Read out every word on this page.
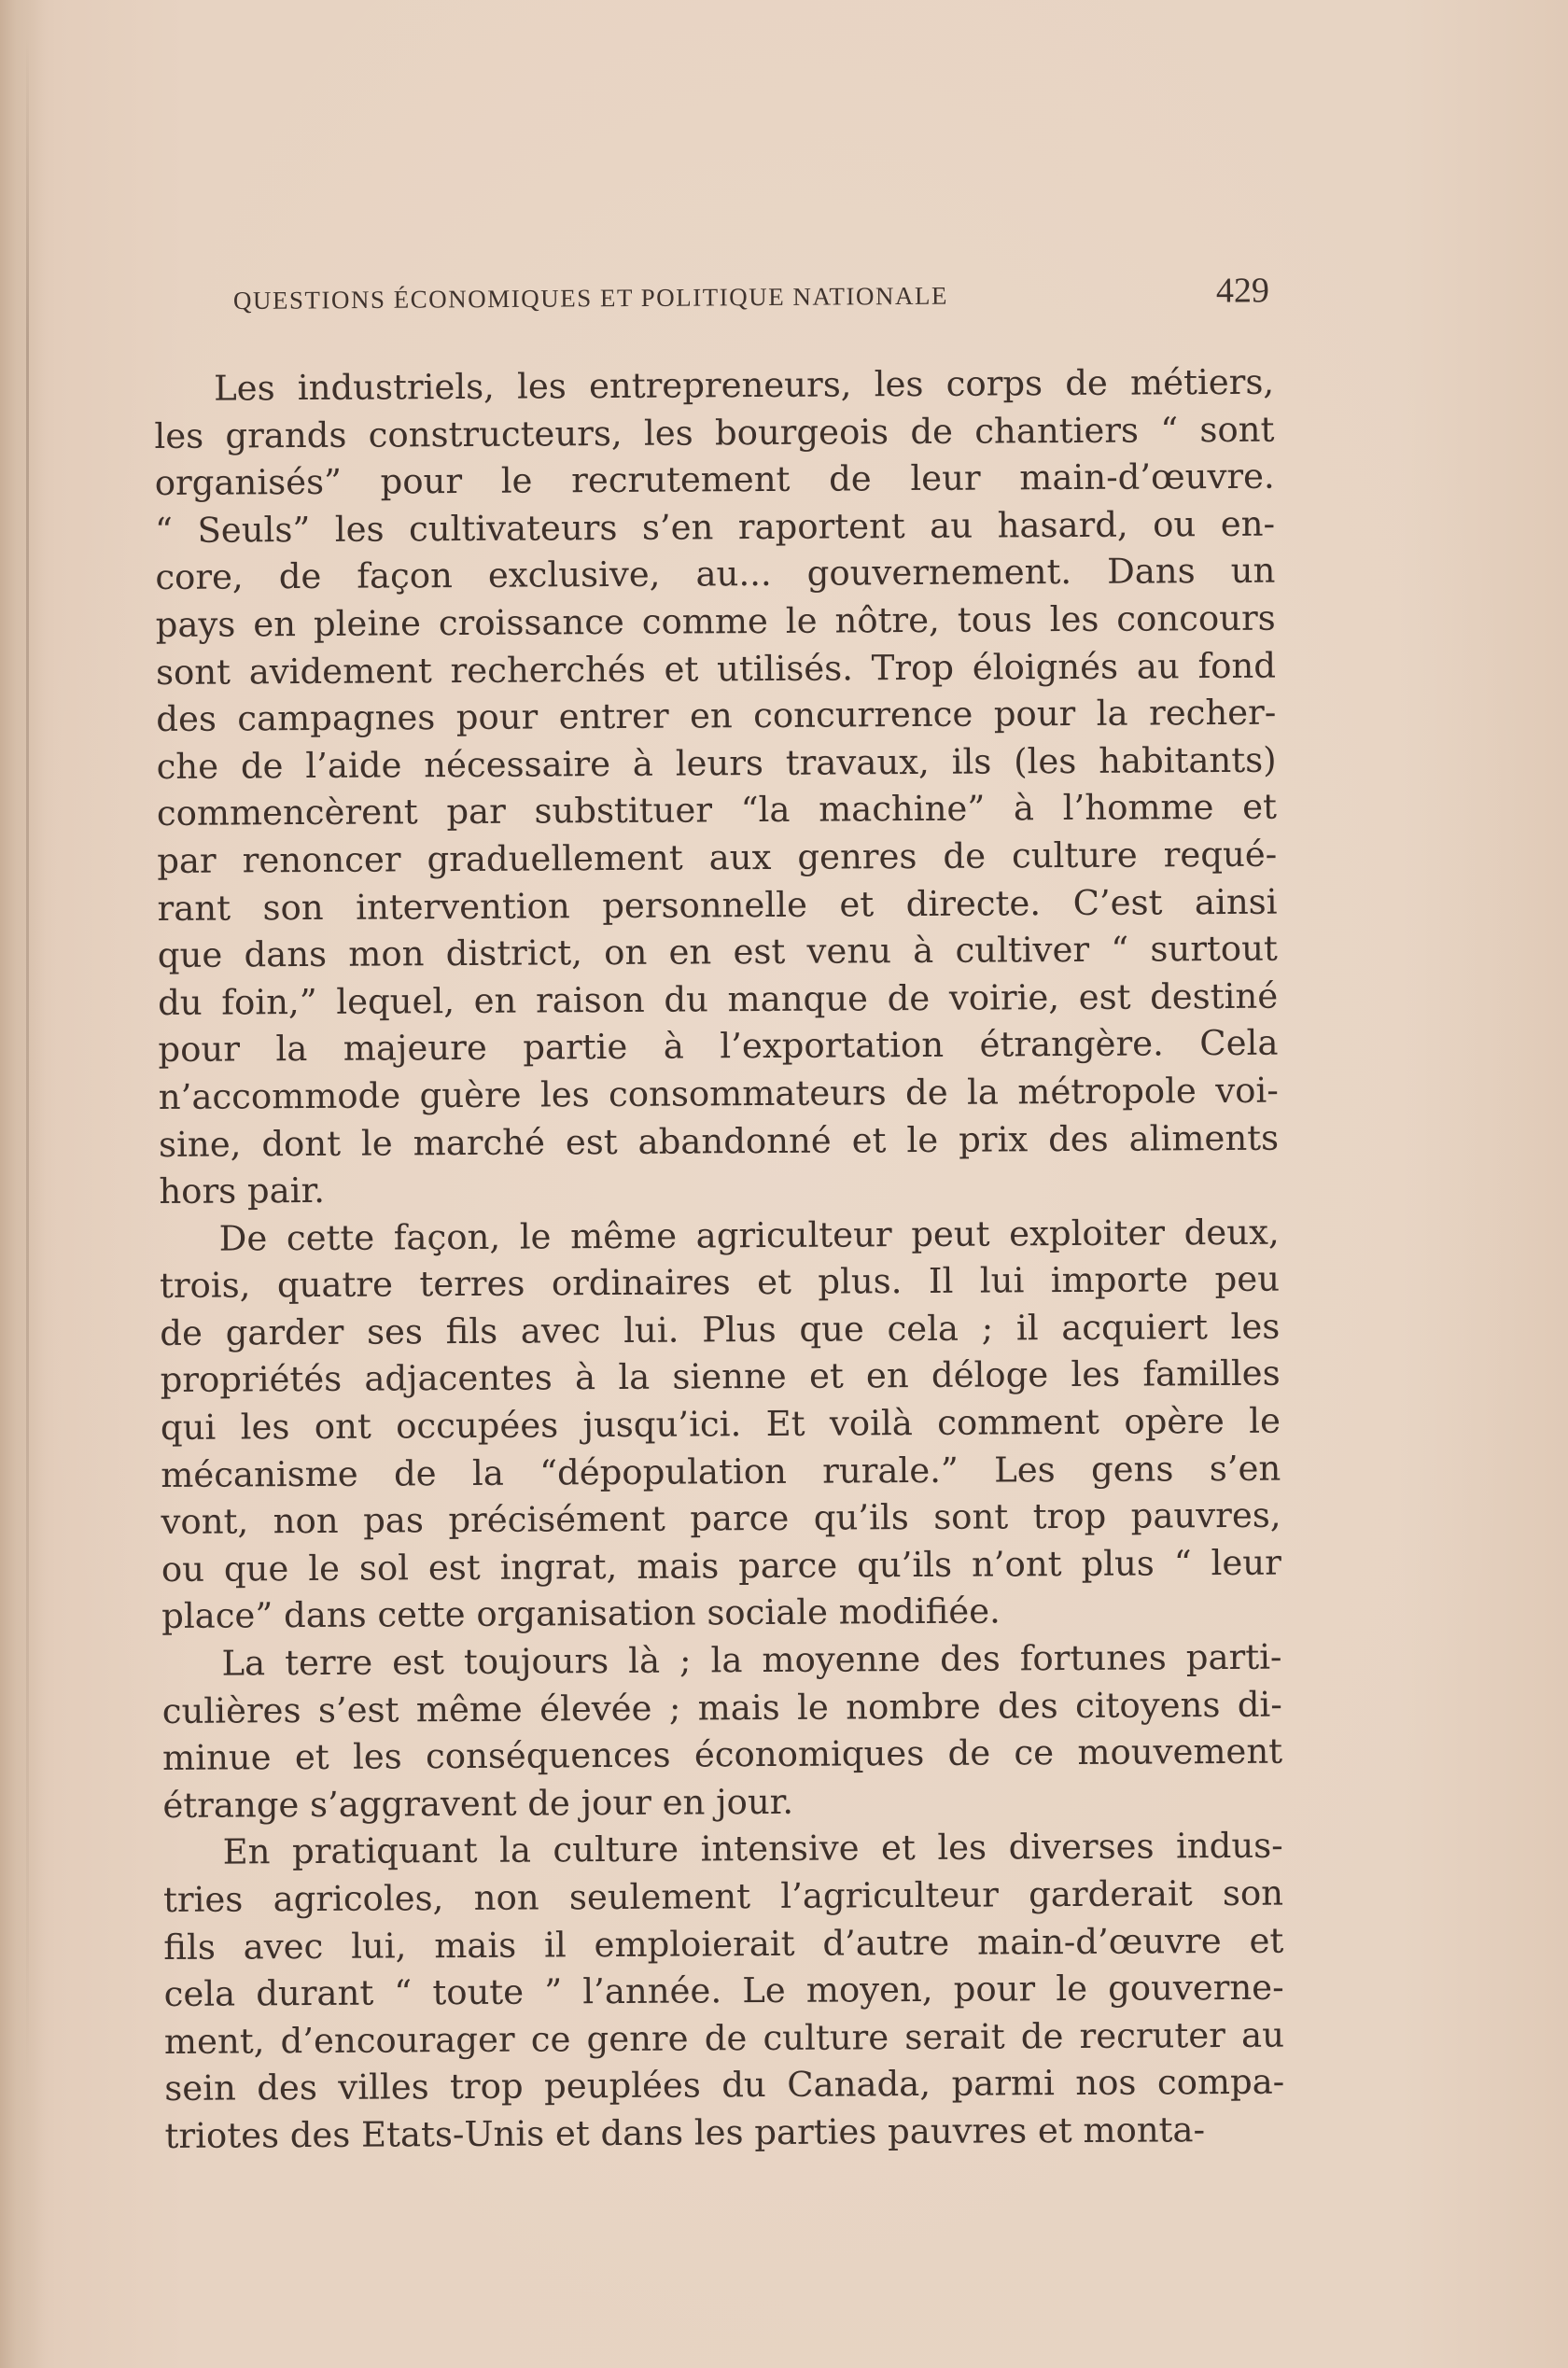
QUESTIONS ÉCONOMIQUES ET POLITIQUE NATIONALE	429
Les industriels, les entrepreneurs, les corps de métiers,
les grands constructeurs, les bourgeois de chantiers “ sont
organisés” pour le recrutement de leur main-d’œuvre.
“ Seuls” les cultivateurs s’en raportent au hasard, ou en-
core, de façon exclusive, au... gouvernement. Dans un
pays en pleine croissance comme le nôtre, tous les concours
sont avidement recherchés et utilisés. Trop éloignés au fond
des campagnes pour entrer en concurrence pour la recher-
che de l’aide nécessaire à leurs travaux, ils (les habitants)
commencèrent par substituer “la machine” à l’homme et
par renoncer graduellement aux genres de culture requé-
rant son intervention personnelle et directe. C’est ainsi
que dans mon district, on en est venu à cultiver “ surtout
du foin,” lequel, en raison du manque de voirie, est destiné
pour la majeure partie à l’exportation étrangère. Cela
n’accommode guère les consommateurs de la métropole voi-
sine, dont le marché est abandonné et le prix des aliments
hors pair.
De cette façon, le même agriculteur peut exploiter deux,
trois, quatre terres ordinaires et plus. Il lui importe peu
de garder ses fils avec lui. Plus que cela ; il acquiert les
propriétés adjacentes à la sienne et en déloge les familles
qui les ont occupées jusqu’ici. Et voilà comment opère le
mécanisme de la “dépopulation rurale.” Les gens s’en
vont, non pas précisément parce qu’ils sont trop pauvres,
ou que le sol est ingrat, mais parce qu’ils n’ont plus “ leur
place” dans cette organisation sociale modifiée.
La terre est toujours là ; la moyenne des fortunes parti-
culières s’est même élevée ; mais le nombre des citoyens di-
minue et les conséquences économiques de ce mouvement
étrange s’aggravent de jour en jour.
En pratiquant la culture intensive et les diverses indus-
tries agricoles, non seulement l’agriculteur garderait son
fils avec lui, mais il emploierait d’autre main-d’œuvre et
cela durant “ toute ” l’année. Le moyen, pour le gouverne-
ment, d’encourager ce genre de culture serait de recruter au
sein des villes trop peuplées du Canada, parmi nos compa-
triotes des Etats-Unis et dans les parties pauvres et monta-
